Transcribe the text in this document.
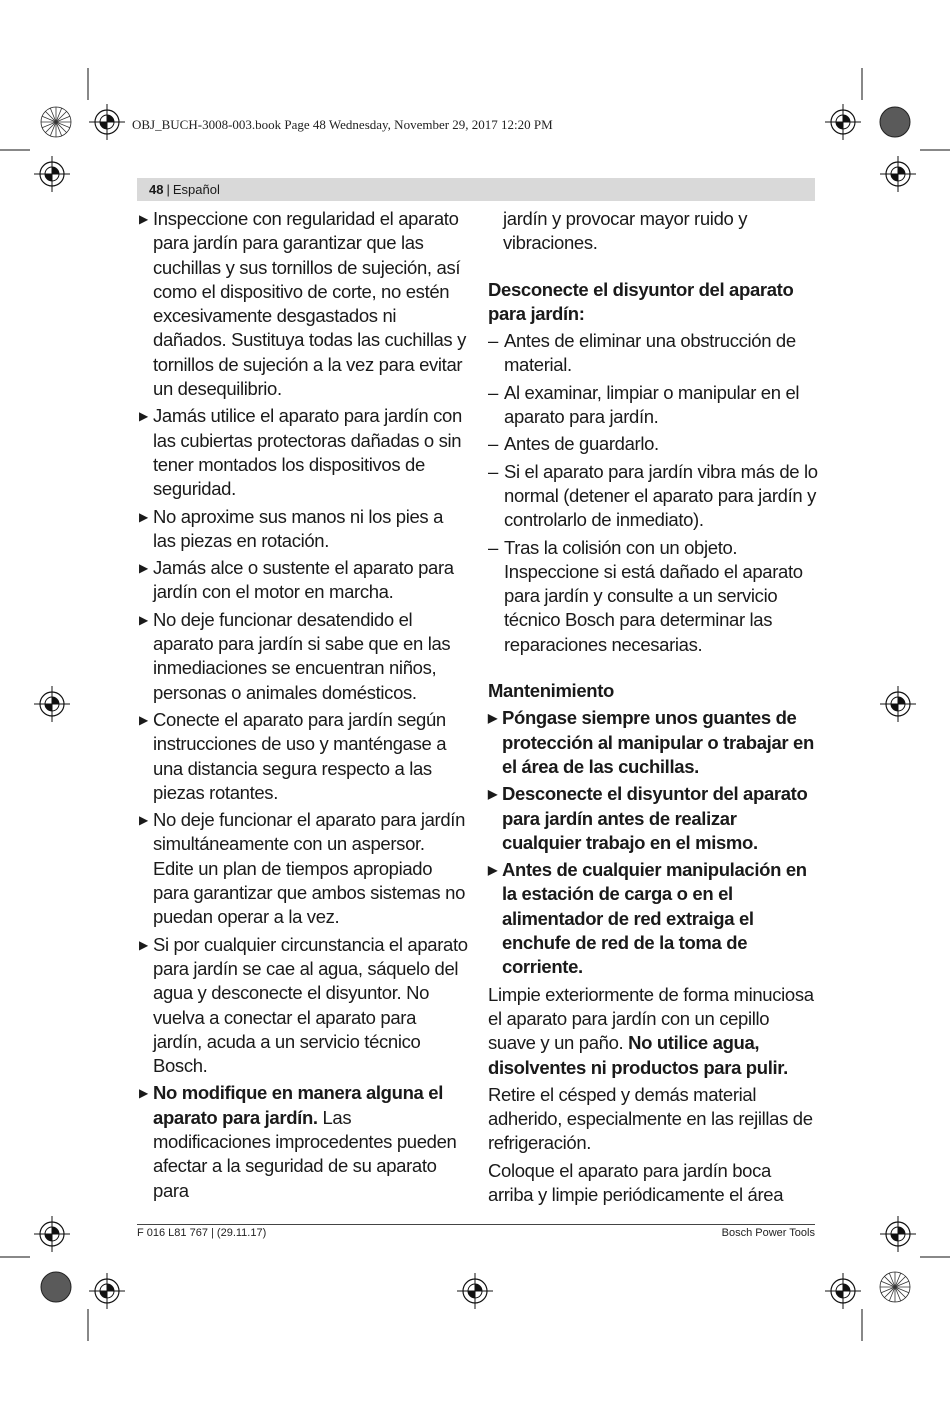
OBJ_BUCH-3008-003.book Page 48 Wednesday, November 29, 2017 12:20 PM
48 | Español
▶ Inspeccione con regularidad el aparato para jardín para garantizar que las cuchillas y sus tornillos de sujeción, así como el dispositivo de corte, no estén excesivamente desgastados ni dañados. Sustituya todas las cuchillas y tornillos de sujeción a la vez para evitar un desequilibrio.
▶ Jamás utilice el aparato para jardín con las cubiertas protectoras dañadas o sin tener montados los dispositivos de seguridad.
▶ No aproxime sus manos ni los pies a las piezas en rotación.
▶ Jamás alce o sustente el aparato para jardín con el motor en marcha.
▶ No deje funcionar desatendido el aparato para jardín si sabe que en las inmediaciones se encuentran niños, personas o animales domésticos.
▶ Conecte el aparato para jardín según instrucciones de uso y manténgase a una distancia segura respecto a las piezas rotantes.
▶ No deje funcionar el aparato para jardín simultáneamente con un aspersor. Edite un plan de tiempos apropiado para garantizar que ambos sistemas no puedan operar a la vez.
▶ Si por cualquier circunstancia el aparato para jardín se cae al agua, sáquelo del agua y desconecte el disyuntor. No vuelva a conectar el aparato para jardín, acuda a un servicio técnico Bosch.
▶ No modifique en manera alguna el aparato para jardín. Las modificaciones improcedentes pueden afectar a la seguridad de su aparato para
jardín y provocar mayor ruido y vibraciones.
Desconecte el disyuntor del aparato para jardín:
– Antes de eliminar una obstrucción de material.
– Al examinar, limpiar o manipular en el aparato para jardín.
– Antes de guardarlo.
– Si el aparato para jardín vibra más de lo normal (detener el aparato para jardín y controlarlo de inmediato).
– Tras la colisión con un objeto. Inspeccione si está dañado el aparato para jardín y consulte a un servicio técnico Bosch para determinar las reparaciones necesarias.
Mantenimiento
▶ Póngase siempre unos guantes de protección al manipular o trabajar en el área de las cuchillas.
▶ Desconecte el disyuntor del aparato para jardín antes de realizar cualquier trabajo en el mismo.
▶ Antes de cualquier manipulación en la estación de carga o en el alimentador de red extraiga el enchufe de red de la toma de corriente.
Limpie exteriormente de forma minuciosa el aparato para jardín con un cepillo suave y un paño. No utilice agua, disolventes ni productos para pulir.
Retire el césped y demás material adherido, especialmente en las rejillas de refrigeración.
Coloque el aparato para jardín boca arriba y limpie periódicamente el área
F 016 L81 767 | (29.11.17)	Bosch Power Tools
